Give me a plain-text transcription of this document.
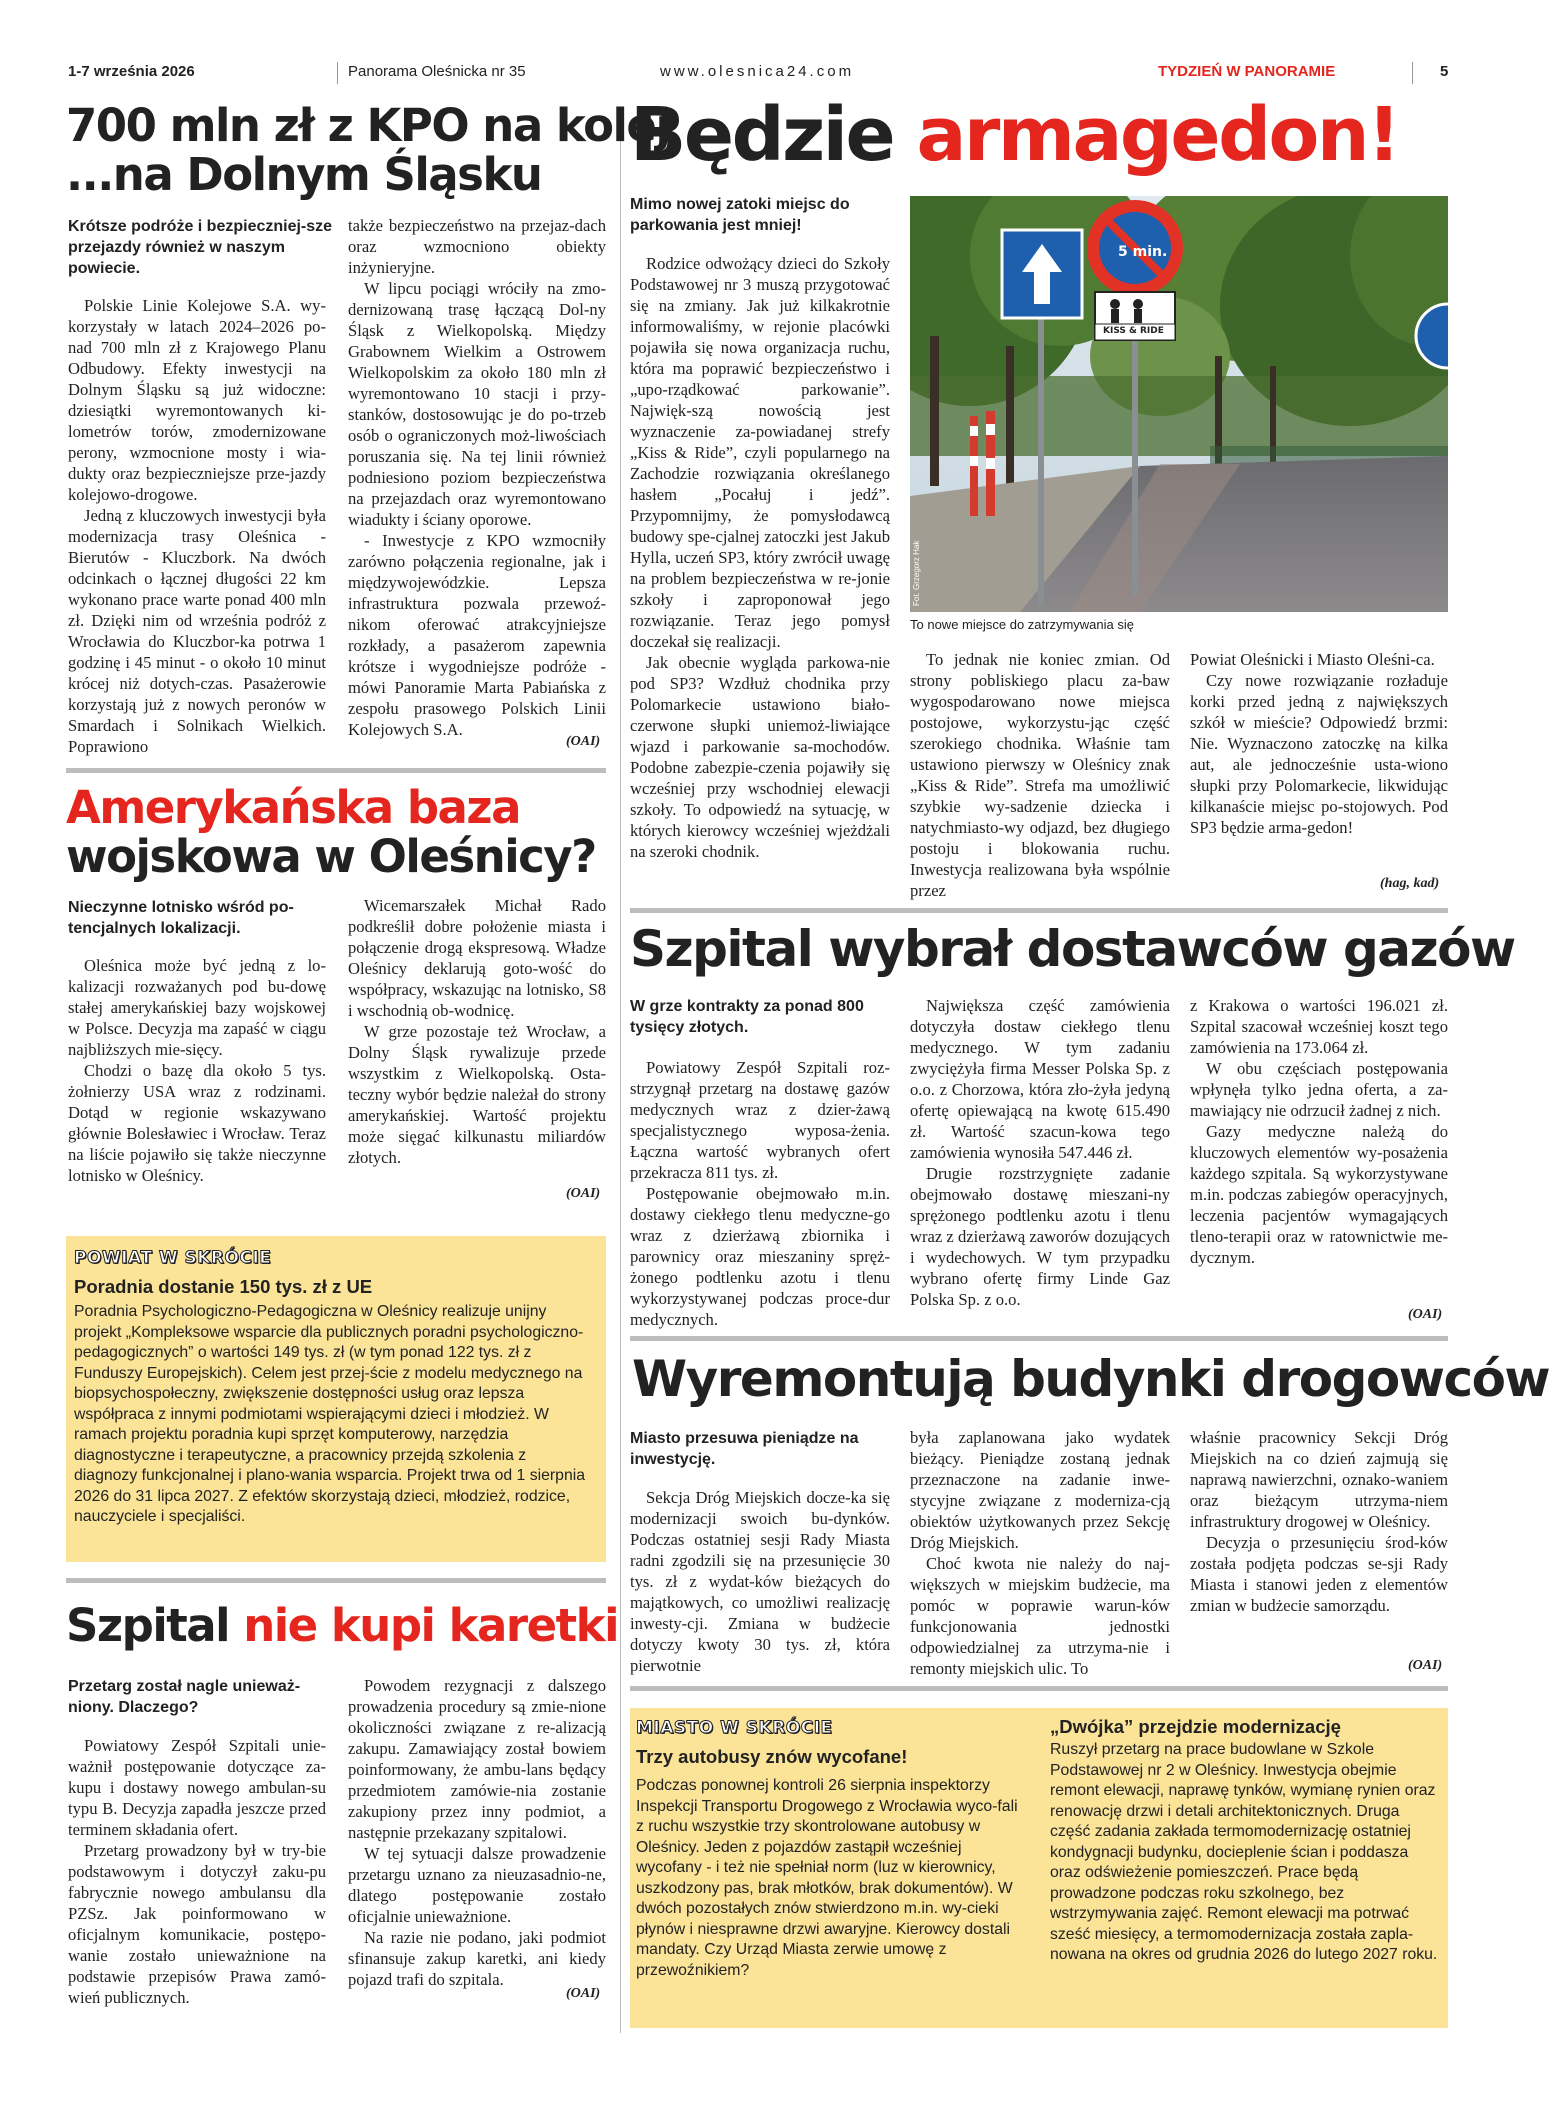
1-7 września 2026	Panorama Oleśnicka nr 35	www.olesnica24.com	TYDZIEŃ W PANORAMIE	5
700 mln zł z KPO na kolej
...na Dolnym Śląsku
Krótsze podróże i bezpieczniej-sze przejazdy również w naszym powiecie.

Polskie Linie Kolejowe S.A. wy-korzystały w latach 2024–2026 po-nad 700 mln zł z Krajowego Planu Odbudowy. Efekty inwestycji na Dolnym Śląsku są już widoczne: dziesiątki wyremontowanych ki-lometrów torów, zmodernizowane perony, wzmocnione mosty i wia-dukty oraz bezpieczniejsze prze-jazdy kolejowo-drogowe.

Jedną z kluczowych inwestycji była modernizacja trasy Oleśnica - Bierutów - Kluczbork. Na dwóch odcinkach o łącznej długości 22 km wykonano prace warte ponad 400 mln zł. Dzięki nim od września podróż z Wrocławia do Kluczbor-ka potrwa 1 godzinę i 45 minut - o około 10 minut krócej niż dotych-czas. Pasażerowie korzystają już z nowych peronów w Smardach i Solnikach Wielkich. Poprawiono

także bezpieczeństwo na przejaz-dach oraz wzmocniono obiekty inżynieryjne.

W lipcu pociągi wróciły na zmo-dernizowaną trasę łączącą Dol-ny Śląsk z Wielkopolską. Między Grabownem Wielkim a Ostrowem Wielkopolskim za około 180 mln zł wyremontowano 10 stacji i przy-stanków, dostosowując je do po-trzeb osób o ograniczonych moż-liwościach poruszania się. Na tej linii również podniesiono poziom bezpieczeństwa na przejazdach oraz wyremontowano wiadukty i ściany oporowe.

- Inwestycje z KPO wzmocniły zarówno połączenia regionalne, jak i międzywojewódzkie. Lepsza infrastruktura pozwala przewoź-nikom oferować atrakcyjniejsze rozkłady, a pasażerom zapewnia krótsze i wygodniejsze podróże - mówi Panoramie Marta Pabiańska z zespołu prasowego Polskich Linii Kolejowych S.A.

(OAI)
Amerykańska baza
wojskowa w Oleśnicy?
Nieczynne lotnisko wśród po-tencjalnych lokalizacji.

Oleśnica może być jedną z lo-kalizacji rozważanych pod bu-dowę stałej amerykańskiej bazy wojskowej w Polsce. Decyzja ma zapaść w ciągu najbliższych mie-sięcy.

Chodzi o bazę dla około 5 tys. żołnierzy USA wraz z rodzinami. Dotąd w regionie wskazywano głównie Bolesławiec i Wrocław. Teraz na liście pojawiło się także nieczynne lotnisko w Oleśnicy.

Wicemarszałek Michał Rado podkreślił dobre położenie miasta i połączenie drogą ekspresową. Władze Oleśnicy deklarują goto-wość do współpracy, wskazując na lotnisko, S8 i wschodnią ob-wodnicę.

W grze pozostaje też Wrocław, a Dolny Śląsk rywalizuje przede wszystkim z Wielkopolską. Osta-teczny wybór będzie należał do strony amerykańskiej. Wartość projektu może sięgać kilkunastu miliardów złotych.

(OAI)
POWIAT W SKRÓCIE
Poradnia dostanie 150 tys. zł z UE
Poradnia Psychologiczno-Pedagogiczna w Oleśnicy realizuje unijny projekt „Kompleksowe wsparcie dla publicznych poradni psychologiczno-pedagogicznych” o wartości 149 tys. zł (w tym ponad 122 tys. zł z Funduszy Europejskich). Celem jest przej-ście z modelu medycznego na biopsychospołeczny, zwiększenie dostępności usług oraz lepsza współpraca z innymi podmiotami wspierającymi dzieci i młodzież. W ramach projektu poradnia kupi sprzęt komputerowy, narzędzia diagnostyczne i terapeutyczne, a pracownicy przejdą szkolenia z diagnozy funkcjonalnej i plano-wania wsparcia. Projekt trwa od 1 sierpnia 2026 do 31 lipca 2027. Z efektów skorzystają dzieci, młodzież, rodzice, nauczyciele i specjaliści.
Szpital nie kupi karetki
Przetarg został nagle unieważ-niony. Dlaczego?

Powiatowy Zespół Szpitali unie-ważnił postępowanie dotyczące za-kupu i dostawy nowego ambulan-su typu B. Decyzja zapadła jeszcze przed terminem składania ofert.

Przetarg prowadzony był w try-bie podstawowym i dotyczył zaku-pu fabrycznie nowego ambulansu dla PZSz. Jak poinformowano w oficjalnym komunikacie, postępo-wanie zostało unieważnione na podstawie przepisów Prawa zamó-wień publicznych.

Powodem rezygnacji z dalszego prowadzenia procedury są zmie-nione okoliczności związane z re-alizacją zakupu. Zamawiający został bowiem poinformowany, że ambu-lans będący przedmiotem zamówie-nia zostanie zakupiony przez inny podmiot, a następnie przekazany szpitalowi.

W tej sytuacji dalsze prowadzenie przetargu uznano za nieuzasadnio-ne, dlatego postępowanie zostało oficjalnie unieważnione.

Na razie nie podano, jaki podmiot sfinansuje zakup karetki, ani kiedy pojazd trafi do szpitala.

(OAI)
Będzie armagedon!
Mimo nowej zatoki miejsc do parkowania jest mniej!

Rodzice odwożący dzieci do Szkoły Podstawowej nr 3 muszą przygotować się na zmiany. Jak już kilkakrotnie informowaliśmy, w rejonie placówki pojawiła się nowa organizacja ruchu, która ma poprawić bezpieczeństwo i „upo-rządkować parkowanie”. Najwięk-szą nowością jest wyznaczenie za-powiadanej strefy „Kiss & Ride”, czyli popularnego na Zachodzie rozwiązania określanego hasłem „Pocałuj i jedź”. Przypomnijmy, że pomysłodawcą budowy spe-cjalnej zatoczki jest Jakub Hylla, uczeń SP3, który zwrócił uwagę na problem bezpieczeństwa w re-jonie szkoły i zaproponował jego rozwiązanie. Teraz jego pomysł doczekał się realizacji.

Jak obecnie wygląda parkowa-nie pod SP3? Wzdłuż chodnika przy Polomarkecie ustawiono biało-czerwone słupki uniemoż-liwiające wjazd i parkowanie sa-mochodów. Podobne zabezpie-czenia pojawiły się wcześniej przy wschodniej elewacji szkoły. To odpowiedź na sytuację, w których kierowcy wcześniej wjeżdżali na szeroki chodnik.

5 min.
KISS & RIDE
Fot. Grzegorz Hak
To nowe miejsce do zatrzymywania się

To jednak nie koniec zmian. Od strony pobliskiego placu za-baw wygospodarowano nowe miejsca postojowe, wykorzystu-jąc część szerokiego chodnika. Właśnie tam ustawiono pierwszy w Oleśnicy znak „Kiss & Ride”. Strefa ma umożliwić szybkie wy-sadzenie dziecka i natychmiasto-wy odjazd, bez długiego postoju i blokowania ruchu. Inwestycja realizowana była wspólnie przez

Powiat Oleśnicki i Miasto Oleśni-ca.

Czy nowe rozwiązanie rozładuje korki przed jedną z największych szkół w mieście? Odpowiedź brzmi: Nie. Wyznaczono zatoczkę na kilka aut, ale jednocześnie usta-wiono słupki przy Polomarkecie, likwidując kilkanaście miejsc po-stojowych. Pod SP3 będzie arma-gedon!

(hag, kad)
Szpital wybrał dostawców gazów
W grze kontrakty za ponad 800 tysięcy złotych.

Powiatowy Zespół Szpitali roz-strzygnął przetarg na dostawę gazów medycznych wraz z dzier-żawą specjalistycznego wyposa-żenia. Łączna wartość wybranych ofert przekracza 811 tys. zł.

Postępowanie obejmowało m.in. dostawy ciekłego tlenu medyczne-go wraz z dzierżawą zbiornika i parownicy oraz mieszaniny spręż-żonego podtlenku azotu i tlenu wykorzystywanej podczas proce-dur medycznych.

Największa część zamówienia dotyczyła dostaw ciekłego tlenu medycznego. W tym zadaniu zwyciężyła firma Messer Polska Sp. z o.o. z Chorzowa, która zło-żyła jedyną ofertę opiewającą na kwotę 615.490 zł. Wartość szacun-kowa tego zamówienia wynosiła 547.446 zł.

Drugie rozstrzygnięte zadanie obejmowało dostawę mieszani-ny sprężonego podtlenku azotu i tlenu wraz z dzierżawą zaworów dozujących i wydechowych. W tym przypadku wybrano ofertę firmy Linde Gaz Polska Sp. z o.o.

z Krakowa o wartości 196.021 zł. Szpital szacował wcześniej koszt tego zamówienia na 173.064 zł.

W obu częściach postępowania wpłynęła tylko jedna oferta, a za-mawiający nie odrzucił żadnej z nich.

Gazy medyczne należą do kluczowych elementów wy-posażenia każdego szpitala. Są wykorzystywane m.in. podczas zabiegów operacyjnych, leczenia pacjentów wymagających tleno-terapii oraz w ratownictwie me-dycznym.

(OAI)
Wyremontują budynki drogowców
Miasto przesuwa pieniądze na inwestycję.

Sekcja Dróg Miejskich docze-ka się modernizacji swoich bu-dynków. Podczas ostatniej sesji Rady Miasta radni zgodzili się na przesunięcie 30 tys. zł z wydat-ków bieżących do majątkowych, co umożliwi realizację inwesty-cji. Zmiana w budżecie dotyczy kwoty 30 tys. zł, która pierwotnie

była zaplanowana jako wydatek bieżący. Pieniądze zostaną jednak przeznaczone na zadanie inwe-stycyjne związane z moderniza-cją obiektów użytkowanych przez Sekcję Dróg Miejskich.

Choć kwota nie należy do naj-większych w miejskim budżecie, ma pomóc w poprawie warun-ków funkcjonowania jednostki odpowiedzialnej za utrzyma-nie i remonty miejskich ulic. To

właśnie pracownicy Sekcji Dróg Miejskich na co dzień zajmują się naprawą nawierzchni, oznako-waniem oraz bieżącym utrzyma-niem infrastruktury drogowej w Oleśnicy.

Decyzja o przesunięciu środ-ków została podjęta podczas se-sji Rady Miasta i stanowi jeden z elementów zmian w budżecie samorządu.

(OAI)
MIASTO W SKRÓCIE
Trzy autobusy znów wycofane!
Podczas ponownej kontroli 26 sierpnia inspektorzy Inspekcji Transportu Drogowego z Wrocławia wyco-fali z ruchu wszystkie trzy skontrolowane autobusy w Oleśnicy. Jeden z pojazdów zastąpił wcześniej wycofany - i też nie spełniał norm (luz w kierownicy, uszkodzony pas, brak młotków, brak dokumentów). W dwóch pozostałych znów stwierdzono m.in. wy-cieki płynów i niesprawne drzwi awaryjne. Kierowcy dostali mandaty. Czy Urząd Miasta zerwie umowę z przewoźnikiem?
„Dwójka” przejdzie modernizację
Ruszył przetarg na prace budowlane w Szkole Podstawowej nr 2 w Oleśnicy. Inwestycja obejmie remont elewacji, naprawę tynków, wymianę rynien oraz renowację drzwi i detali architektonicznych. Druga część zadania zakłada termomodernizację ostatniej kondygnacji budynku, docieplenie ścian i poddasza oraz odświeżenie pomieszczeń. Prace będą prowadzone podczas roku szkolnego, bez wstrzymywania zajęć. Remont elewacji ma potrwać sześć miesięcy, a termomodernizacja została zapla-nowana na okres od grudnia 2026 do lutego 2027 roku.
